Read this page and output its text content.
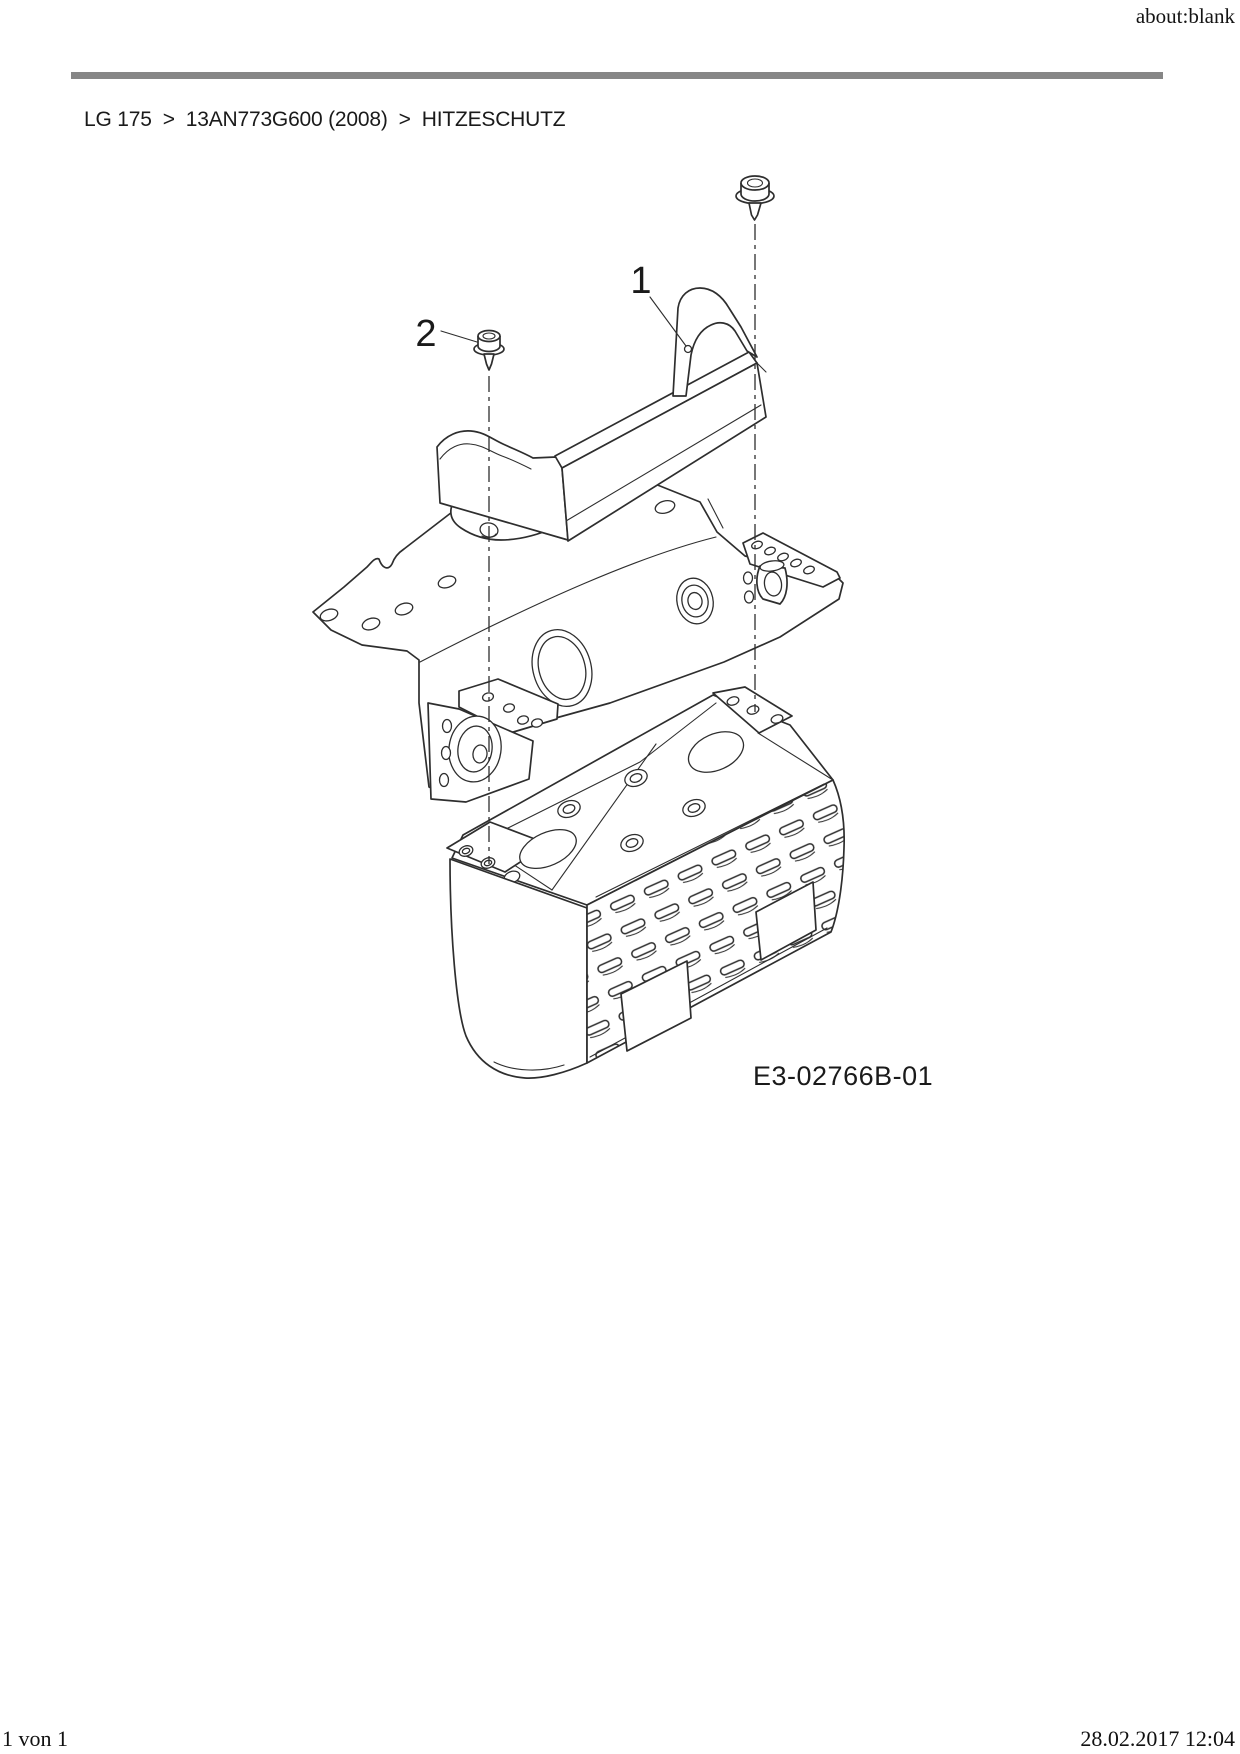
about:blank
LG 175 > 13AN773G600 (2008) > HITZESCHUTZ
1
2
E3-02766B-01
1 von 1	28.02.2017 12:04
